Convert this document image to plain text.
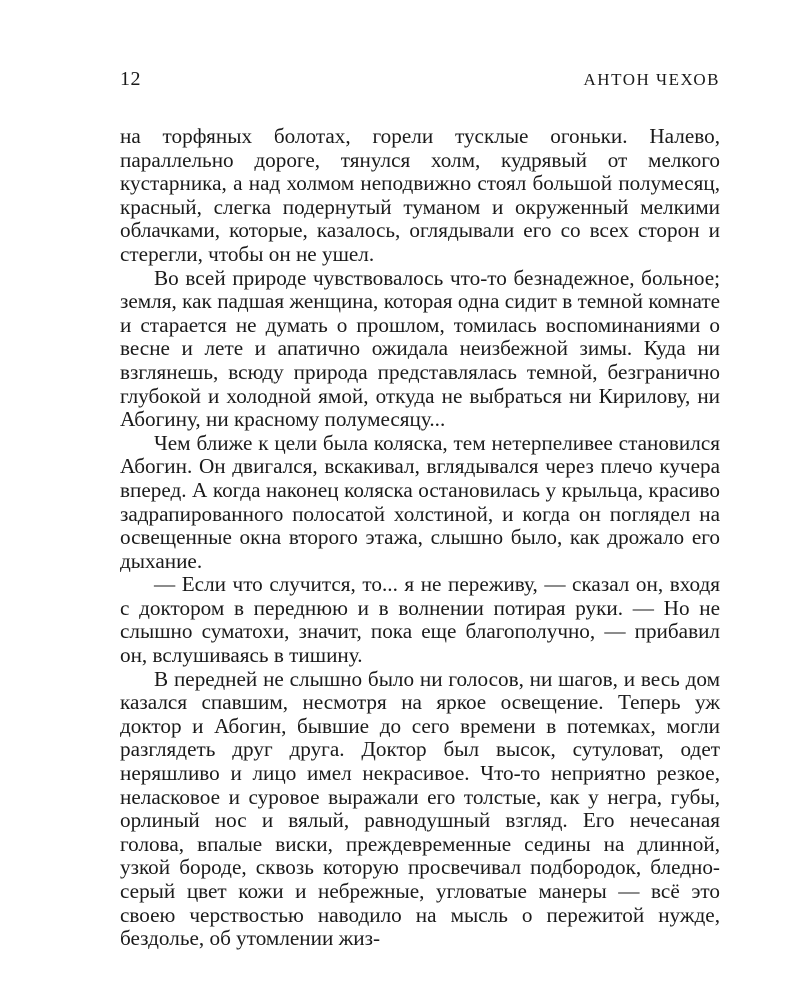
12	АНТОН ЧЕХОВ

на торфяных болотах, горели тусклые огоньки. Налево, параллельно дороге, тянулся холм, кудрявый от мелкого кустарника, а над холмом неподвижно стоял большой полумесяц, красный, слегка подернутый туманом и окруженный мелкими облачками, которые, казалось, оглядывали его со всех сторон и стерегли, чтобы он не ушел.

Во всей природе чувствовалось что-то безнадежное, больное; земля, как падшая женщина, которая одна сидит в темной комнате и старается не думать о прошлом, томилась воспоминаниями о весне и лете и апатично ожидала неизбежной зимы. Куда ни взглянешь, всюду природа представлялась темной, безгранично глубокой и холодной ямой, откуда не выбраться ни Кирилову, ни Абогину, ни красному полумесяцу...

Чем ближе к цели была коляска, тем нетерпеливее становился Абогин. Он двигался, вскакивал, вглядывался через плечо кучера вперед. А когда наконец коляска остановилась у крыльца, красиво задрапированного полосатой холстиной, и когда он поглядел на освещенные окна второго этажа, слышно было, как дрожало его дыхание.

— Если что случится, то... я не переживу, — сказал он, входя с доктором в переднюю и в волнении потирая руки. — Но не слышно суматохи, значит, пока еще благополучно, — прибавил он, вслушиваясь в тишину.

В передней не слышно было ни голосов, ни шагов, и весь дом казался спавшим, несмотря на яркое освещение. Теперь уж доктор и Абогин, бывшие до сего времени в потемках, могли разглядеть друг друга. Доктор был высок, сутуловат, одет неряшливо и лицо имел некрасивое. Что-то неприятно резкое, нелаcковое и суровое выражали его толстые, как у негра, губы, орлиный нос и вялый, равнодушный взгляд. Его нечесаная голова, впалые виски, преждевременные седины на длинной, узкой бороде, сквозь которую просвечивал подбородок, бледно-серый цвет кожи и небрежные, угловатые манеры — всё это своею черствостью наводило на мысль о пережитой нужде, бездолье, об утомлении жиз-
